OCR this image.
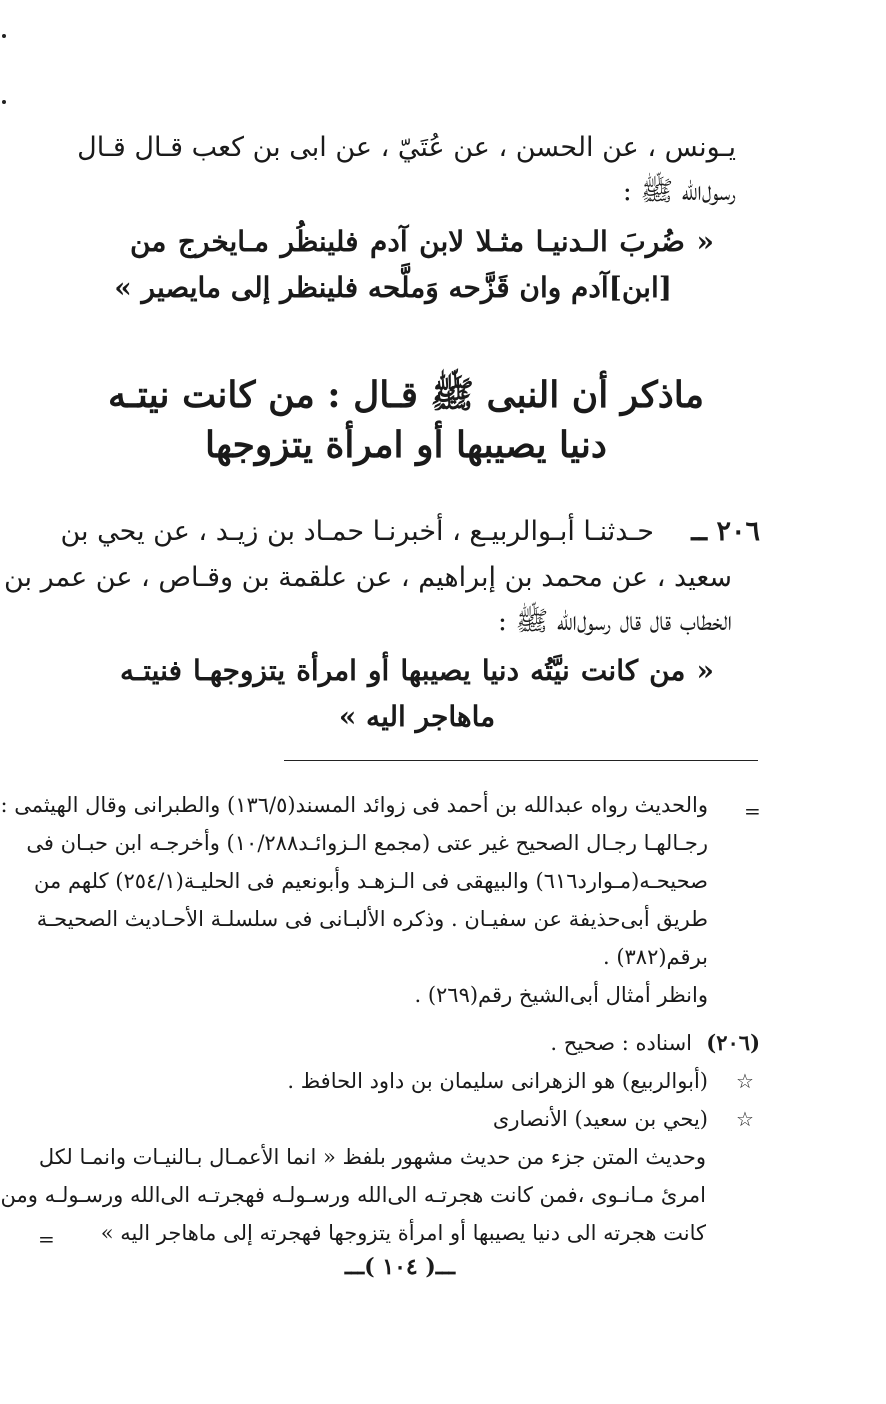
يـونس ، عن الحسن ، عن عُتَيّ ، عن ابى بن كعب قـال قـال
رسول‌الله ﷺ :
« ضُربَ الـدنيـا مثـلا لابن آدم فلينظُر مـايخرج من
[ابن]آدم وان قَزَّحه وَملَّحه فلينظر إلى مايصير »
ماذكر أن النبى ﷺ قـال : من كانت نيتـه
دنيا يصيبها أو امرأة يتزوجها
٢٠٦ ــ
حـدثنـا أبـوالربيـع ، أخبرنـا حمـاد بن زيـد ، عن يحي بن
سعيد ، عن محمد بن إبراهيم ، عن علقمة بن وقـاص ، عن عمر بن
الخطاب قال قال رسول‌الله ﷺ :
« من كانت نيَّتُه دنيا يصيبها أو امرأة يتزوجهـا فنيتـه
ماهاجر اليه »
=
والحديث رواه عبدالله بن أحمد فى زوائد المسند(١٣٦/٥) والطبرانى وقال الهيثمى :
رجـالهـا رجـال الصحيح غير عتى (مجمع الـزوائـد١٠/٢٨٨) وأخرجـه ابن حبـان فى
صحيحـه(مـوارد٦١٦) والبيهقى فى الـزهـد وأبونعيم فى الحليـة(٢٥٤/١) كلهم من
طريق أبى‌حذيفة عن سفيـان . وذكره الألبـانى فى سلسلـة الأحـاديث الصحيحـة
برقم(٣٨٢) .
وانظر أمثال أبى‌الشيخ رقم(٢٦٩) .
(٢٠٦)
اسناده : صحيح .
☆
(أبوالربيع) هو الزهرانى سليمان بن داود الحافظ .
☆
(يحي بن سعيد) الأنصارى
وحديث المتن جزء من حديث مشهور بلفظ « انما الأعمـال بـالنيـات وانمـا لكل
امرئ مـانـوى ،فمن كانت هجرتـه الى‌الله ورسـولـه فهجرتـه الى‌الله ورسـولـه ومن
كانت هجرته الى دنيا يصيبها أو امرأة يتزوجها فهجرته إلى ماهاجر اليه »
=
ـــ( ١٠٤ )ـــ
